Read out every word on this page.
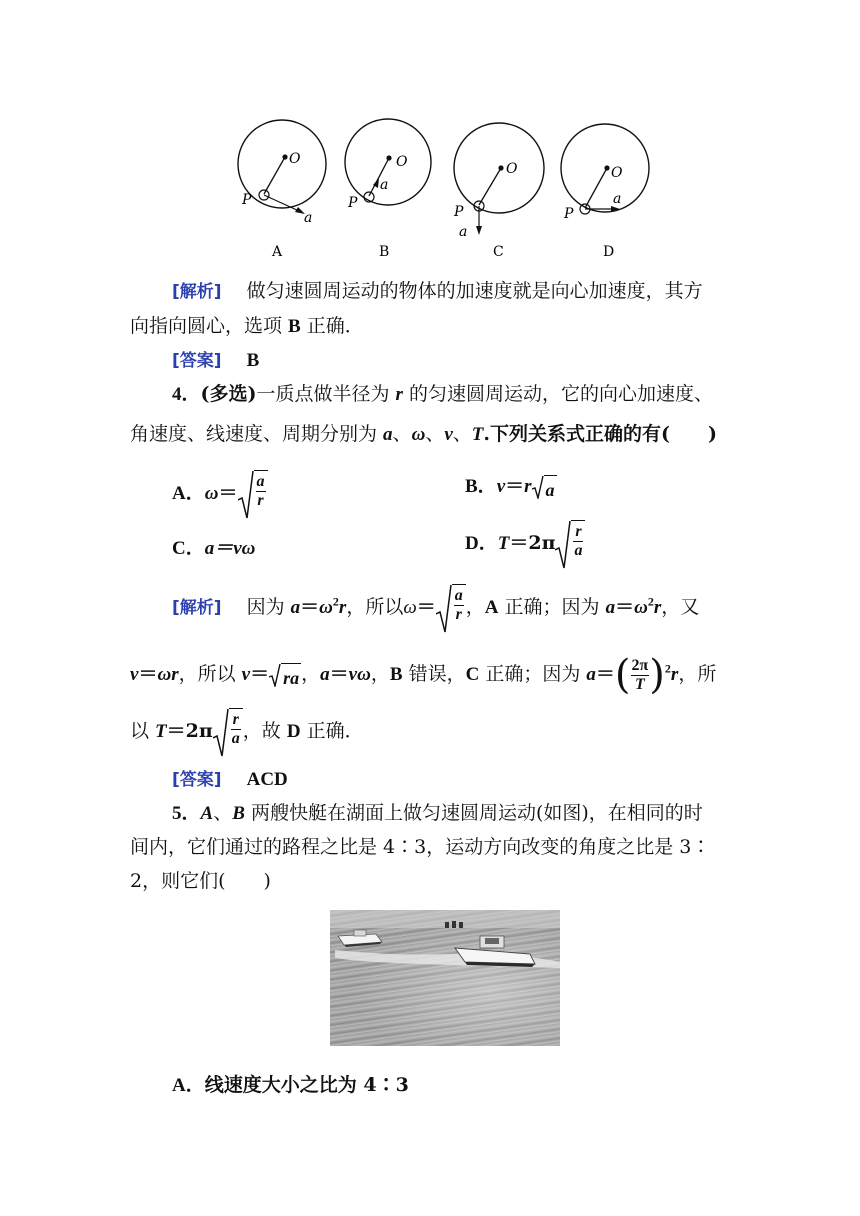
O
P
a
A
O
P
a
B
O
P
a
C
O
P
a
D
[解析]　 做匀速圆周运动的物体的加速度就是向心加速度，其方
向指向圆心，选项 B 正确．
[答案]　 B
4．(多选)一质点做半径为 r 的匀速圆周运动，它的向心加速度、
角速度、线速度、周期分别为 a、ω、v、T.下列关系式正确的有(　　)
A．$\omega= \frac{a}{r}$	B．v＝r a
C．a＝vω	D．$T=2\pi \frac{r}{a}$
[解析]　 因为 $a=\omega^2r$，所以$\omega= \frac{a}{r}$ ，A 正确；因为 $a=\omega^2r$，又
v＝ωr，所以 v＝ ra ，a＝vω，B 错误，C 正确；因为 $a=( \frac{2\pi}{T} )^2r$，所
以 $T=2\pi \frac{r}{a}$ ，故 D 正确．
[答案]　 ACD
5．A、B 两艘快艇在湖面上做匀速圆周运动(如图)，在相同的时
间内，它们通过的路程之比是 4∶3，运动方向改变的角度之比是 3∶
2，则它们(　　)
A．线速度大小之比为 4∶3
